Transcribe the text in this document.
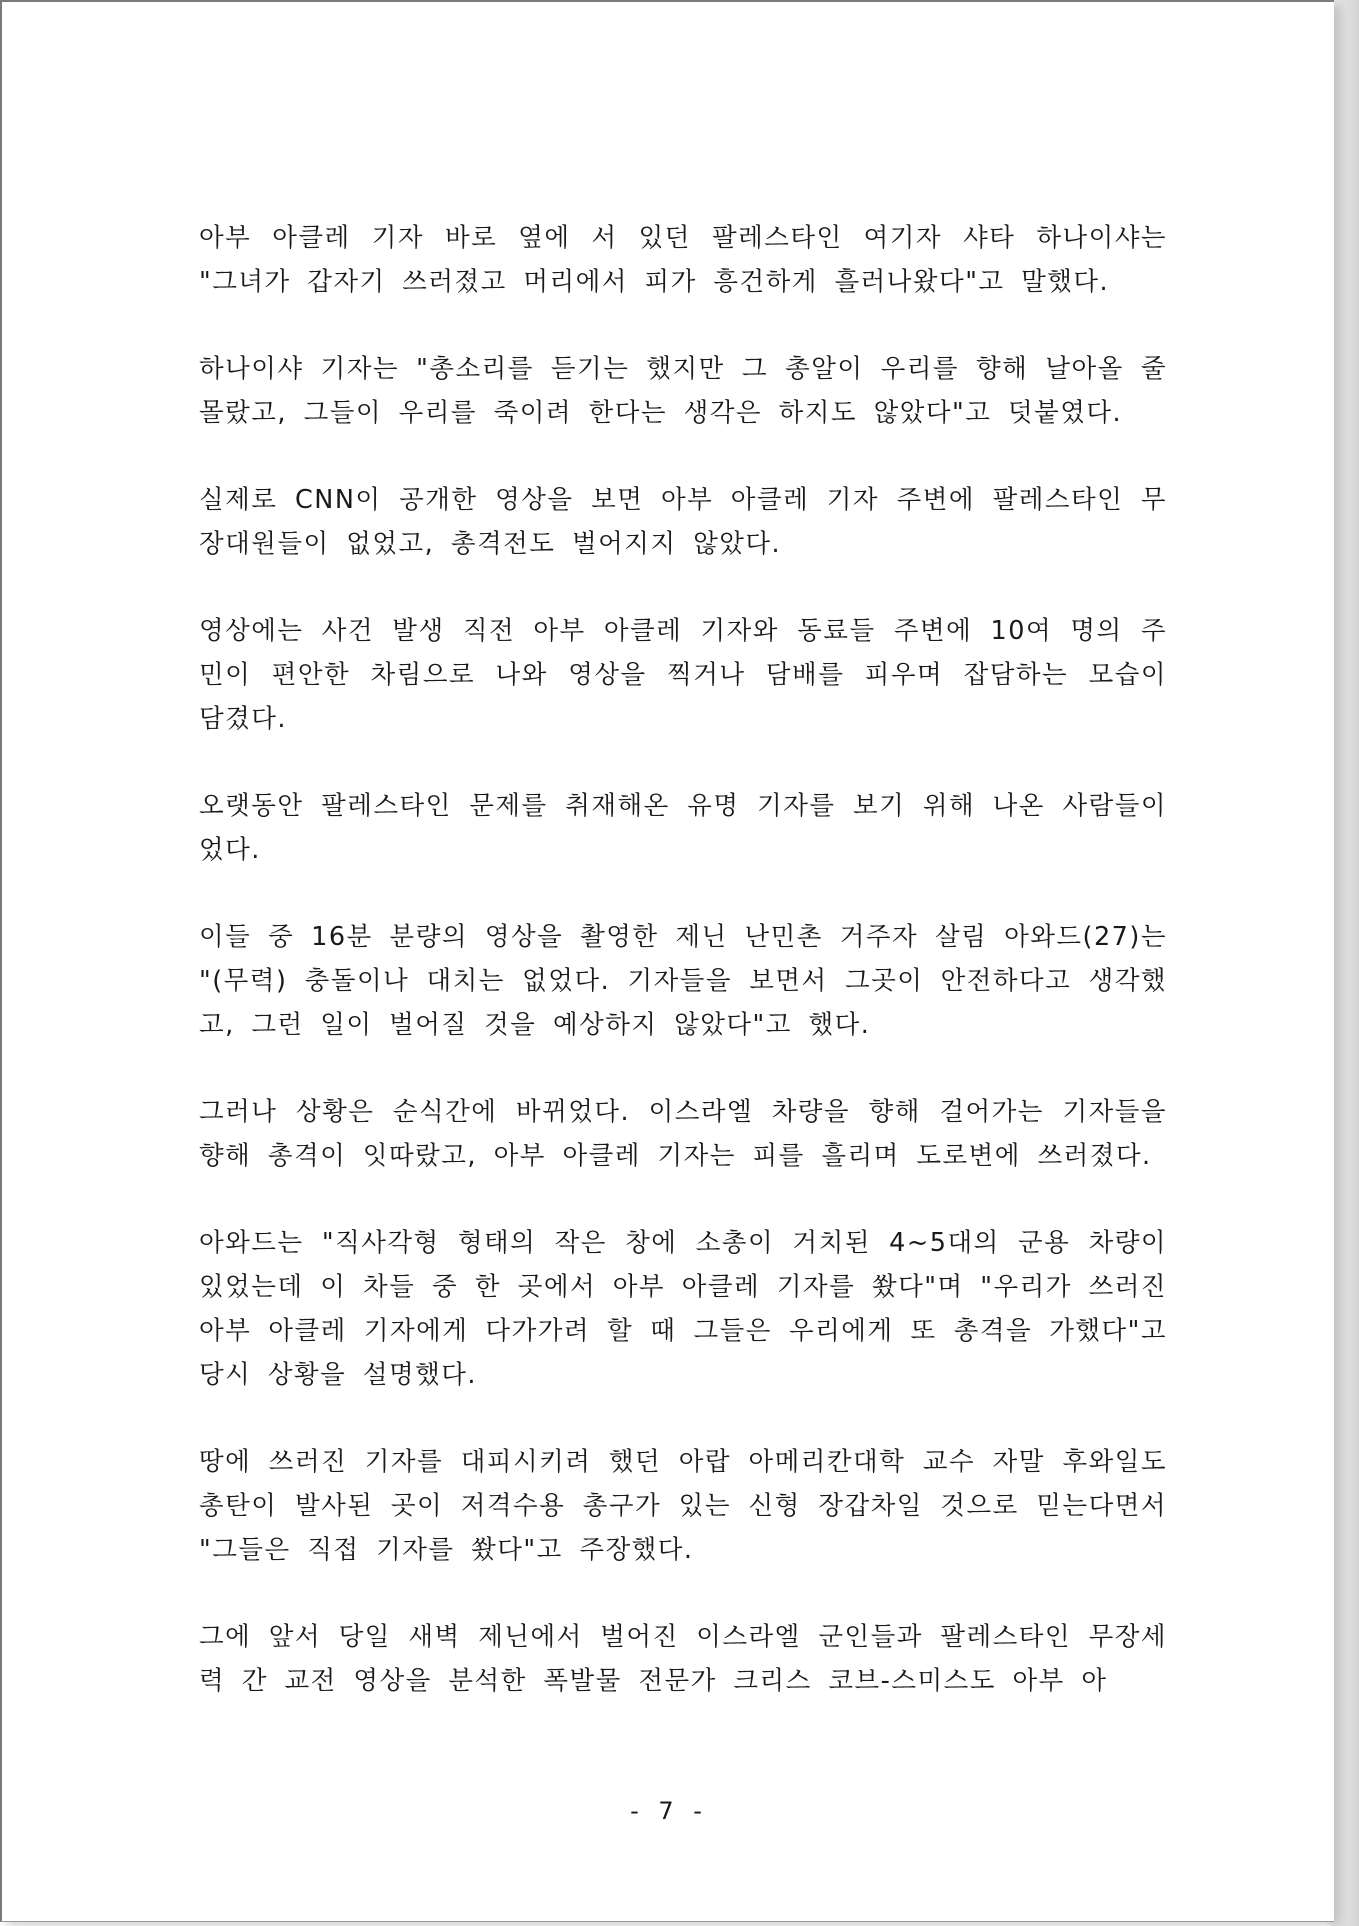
아부 아클레 기자 바로 옆에 서 있던 팔레스타인 여기자 샤타 하나이샤는 "그녀가 갑자기 쓰러졌고 머리에서 피가 흥건하게 흘러나왔다"고 말했다.

하나이샤 기자는 "총소리를 듣기는 했지만 그 총알이 우리를 향해 날아올 줄 몰랐고, 그들이 우리를 죽이려 한다는 생각은 하지도 않았다"고 덧붙였다.

실제로 CNN이 공개한 영상을 보면 아부 아클레 기자 주변에 팔레스타인 무장대원들이 없었고, 총격전도 벌어지지 않았다.

영상에는 사건 발생 직전 아부 아클레 기자와 동료들 주변에 10여 명의 주민이 편안한 차림으로 나와 영상을 찍거나 담배를 피우며 잡담하는 모습이 담겼다.

오랫동안 팔레스타인 문제를 취재해온 유명 기자를 보기 위해 나온 사람들이었다.

이들 중 16분 분량의 영상을 촬영한 제닌 난민촌 거주자 살림 아와드(27)는 "(무력) 충돌이나 대치는 없었다. 기자들을 보면서 그곳이 안전하다고 생각했고, 그런 일이 벌어질 것을 예상하지 않았다"고 했다.

그러나 상황은 순식간에 바뀌었다. 이스라엘 차량을 향해 걸어가는 기자들을 향해 총격이 잇따랐고, 아부 아클레 기자는 피를 흘리며 도로변에 쓰러졌다.

아와드는 "직사각형 형태의 작은 창에 소총이 거치된 4~5대의 군용 차량이 있었는데 이 차들 중 한 곳에서 아부 아클레 기자를 쐈다"며 "우리가 쓰러진 아부 아클레 기자에게 다가가려 할 때 그들은 우리에게 또 총격을 가했다"고 당시 상황을 설명했다.

땅에 쓰러진 기자를 대피시키려 했던 아랍 아메리칸대학 교수 자말 후와일도 총탄이 발사된 곳이 저격수용 총구가 있는 신형 장갑차일 것으로 믿는다면서 "그들은 직접 기자를 쐈다"고 주장했다.

그에 앞서 당일 새벽 제닌에서 벌어진 이스라엘 군인들과 팔레스타인 무장세력 간 교전 영상을 분석한 폭발물 전문가 크리스 코브-스미스도 아부 아

- 7 -
